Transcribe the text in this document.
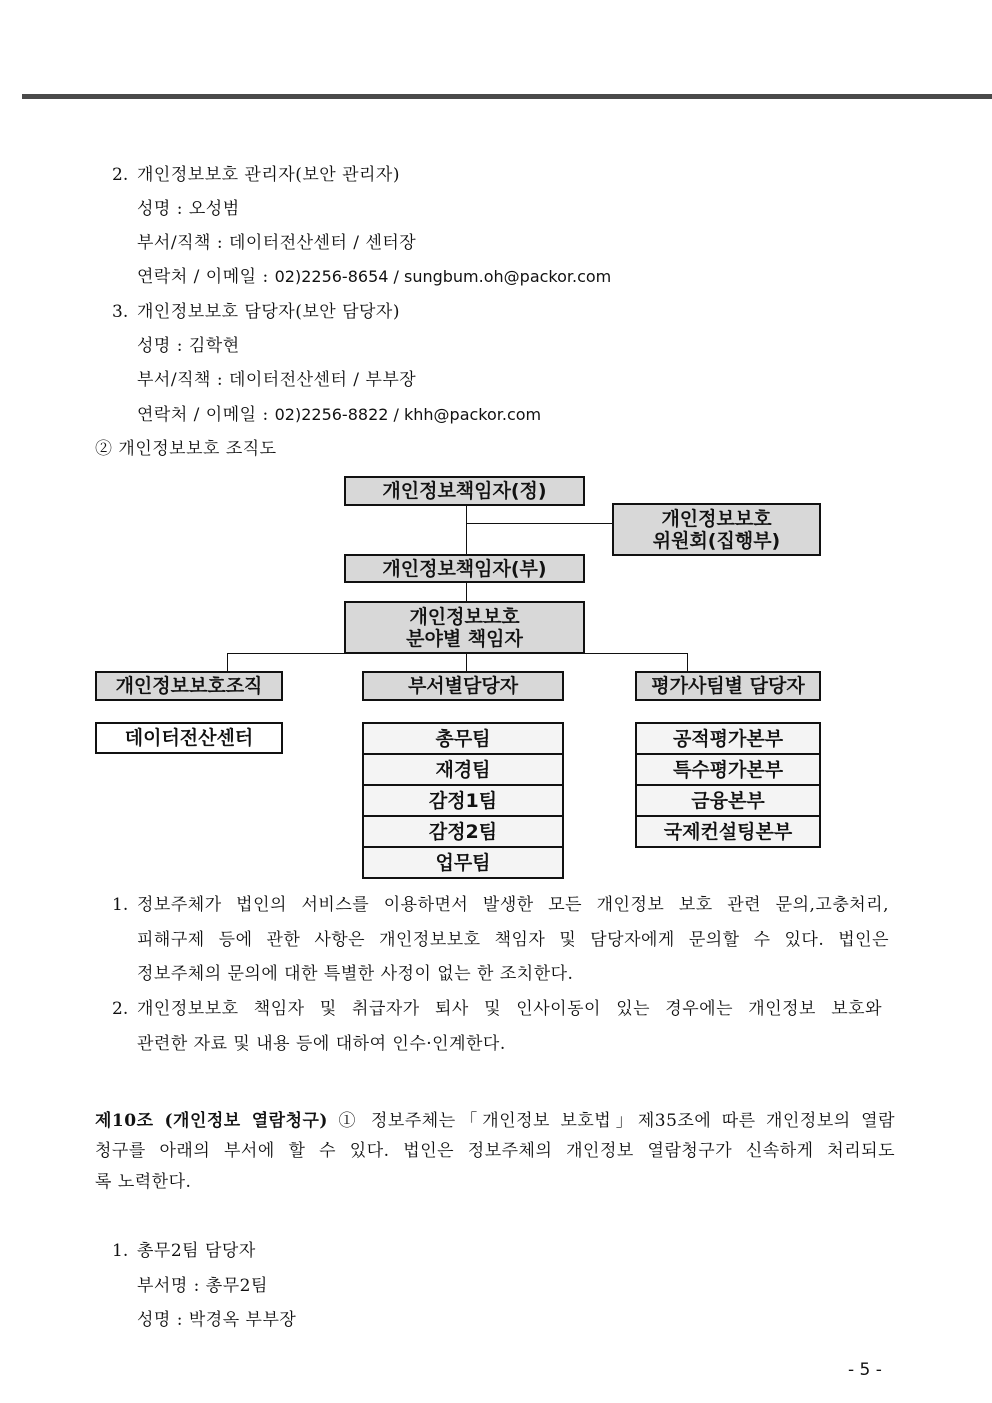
2. 개인정보보호 관리자(보안 관리자)
성명 : 오성범
부서/직책 : 데이터전산센터 / 센터장
연락처 / 이메일 : 02)2256-8654 / sungbum.oh@packor.com
3. 개인정보보호 담당자(보안 담당자)
성명 : 김학현
부서/직책 : 데이터전산센터 / 부부장
연락처 / 이메일 : 02)2256-8822 / khh@packor.com
② 개인정보보호 조직도
개인정보책임자(정)
개인정보보호
위원회(집행부)
개인정보책임자(부)
개인정보보호
분야별 책임자
개인정보보호조직	부서별담당자	평가사팀별 담당자
데이터전산센터	총무팀
재경팀
감정1팀
감정2팀
업무팀
공적평가본부
특수평가본부
금융본부
국제컨설팅본부
1. 정보주체가 법인의 서비스를 이용하면서 발생한 모든 개인정보 보호 관련 문의,고충처리,
피해구제 등에 관한 사항은 개인정보보호 책임자 및 담당자에게 문의할 수 있다. 법인은
정보주체의 문의에 대한 특별한 사정이 없는 한 조치한다.
2. 개인정보보호 책임자 및 취급자가 퇴사 및 인사이동이 있는 경우에는 개인정보 보호와
관련한 자료 및 내용 등에 대하여 인수·인계한다.
제10조 (개인정보 열람청구) ① 정보주체는「개인정보 보호법」제35조에 따른 개인정보의 열람
청구를 아래의 부서에 할 수 있다. 법인은 정보주체의 개인정보 열람청구가 신속하게 처리되도
록 노력한다.
1. 총무2팀 담당자
부서명 : 총무2팀
성명 : 박경옥 부부장
- 5 -
